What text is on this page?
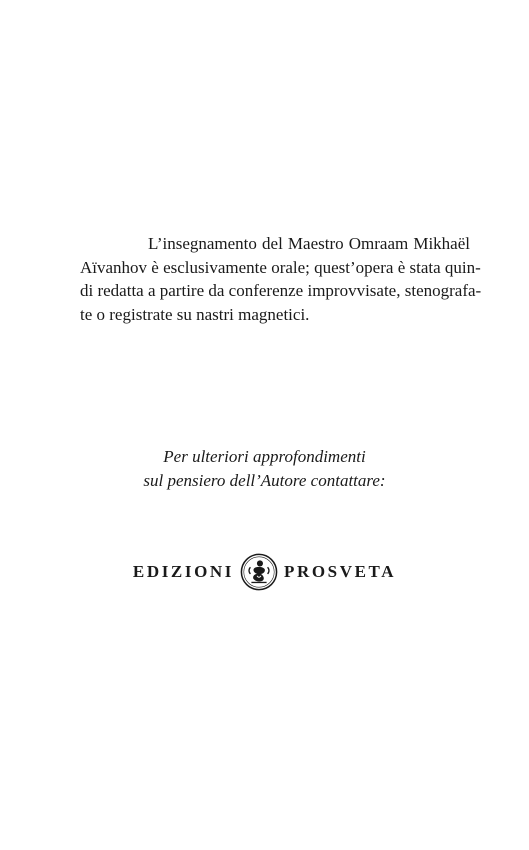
L’insegnamento del Maestro Omraam Mikhaël
Aïvanhov è esclusivamente orale; quest’opera è stata quin-
di redatta a partire da conferenze improvvisate, stenografa-
te o registrate su nastri magnetici.
Per ulteriori approfondimenti
sul pensiero dell’Autore contattare:
EDIZIONI	PROSVETA
